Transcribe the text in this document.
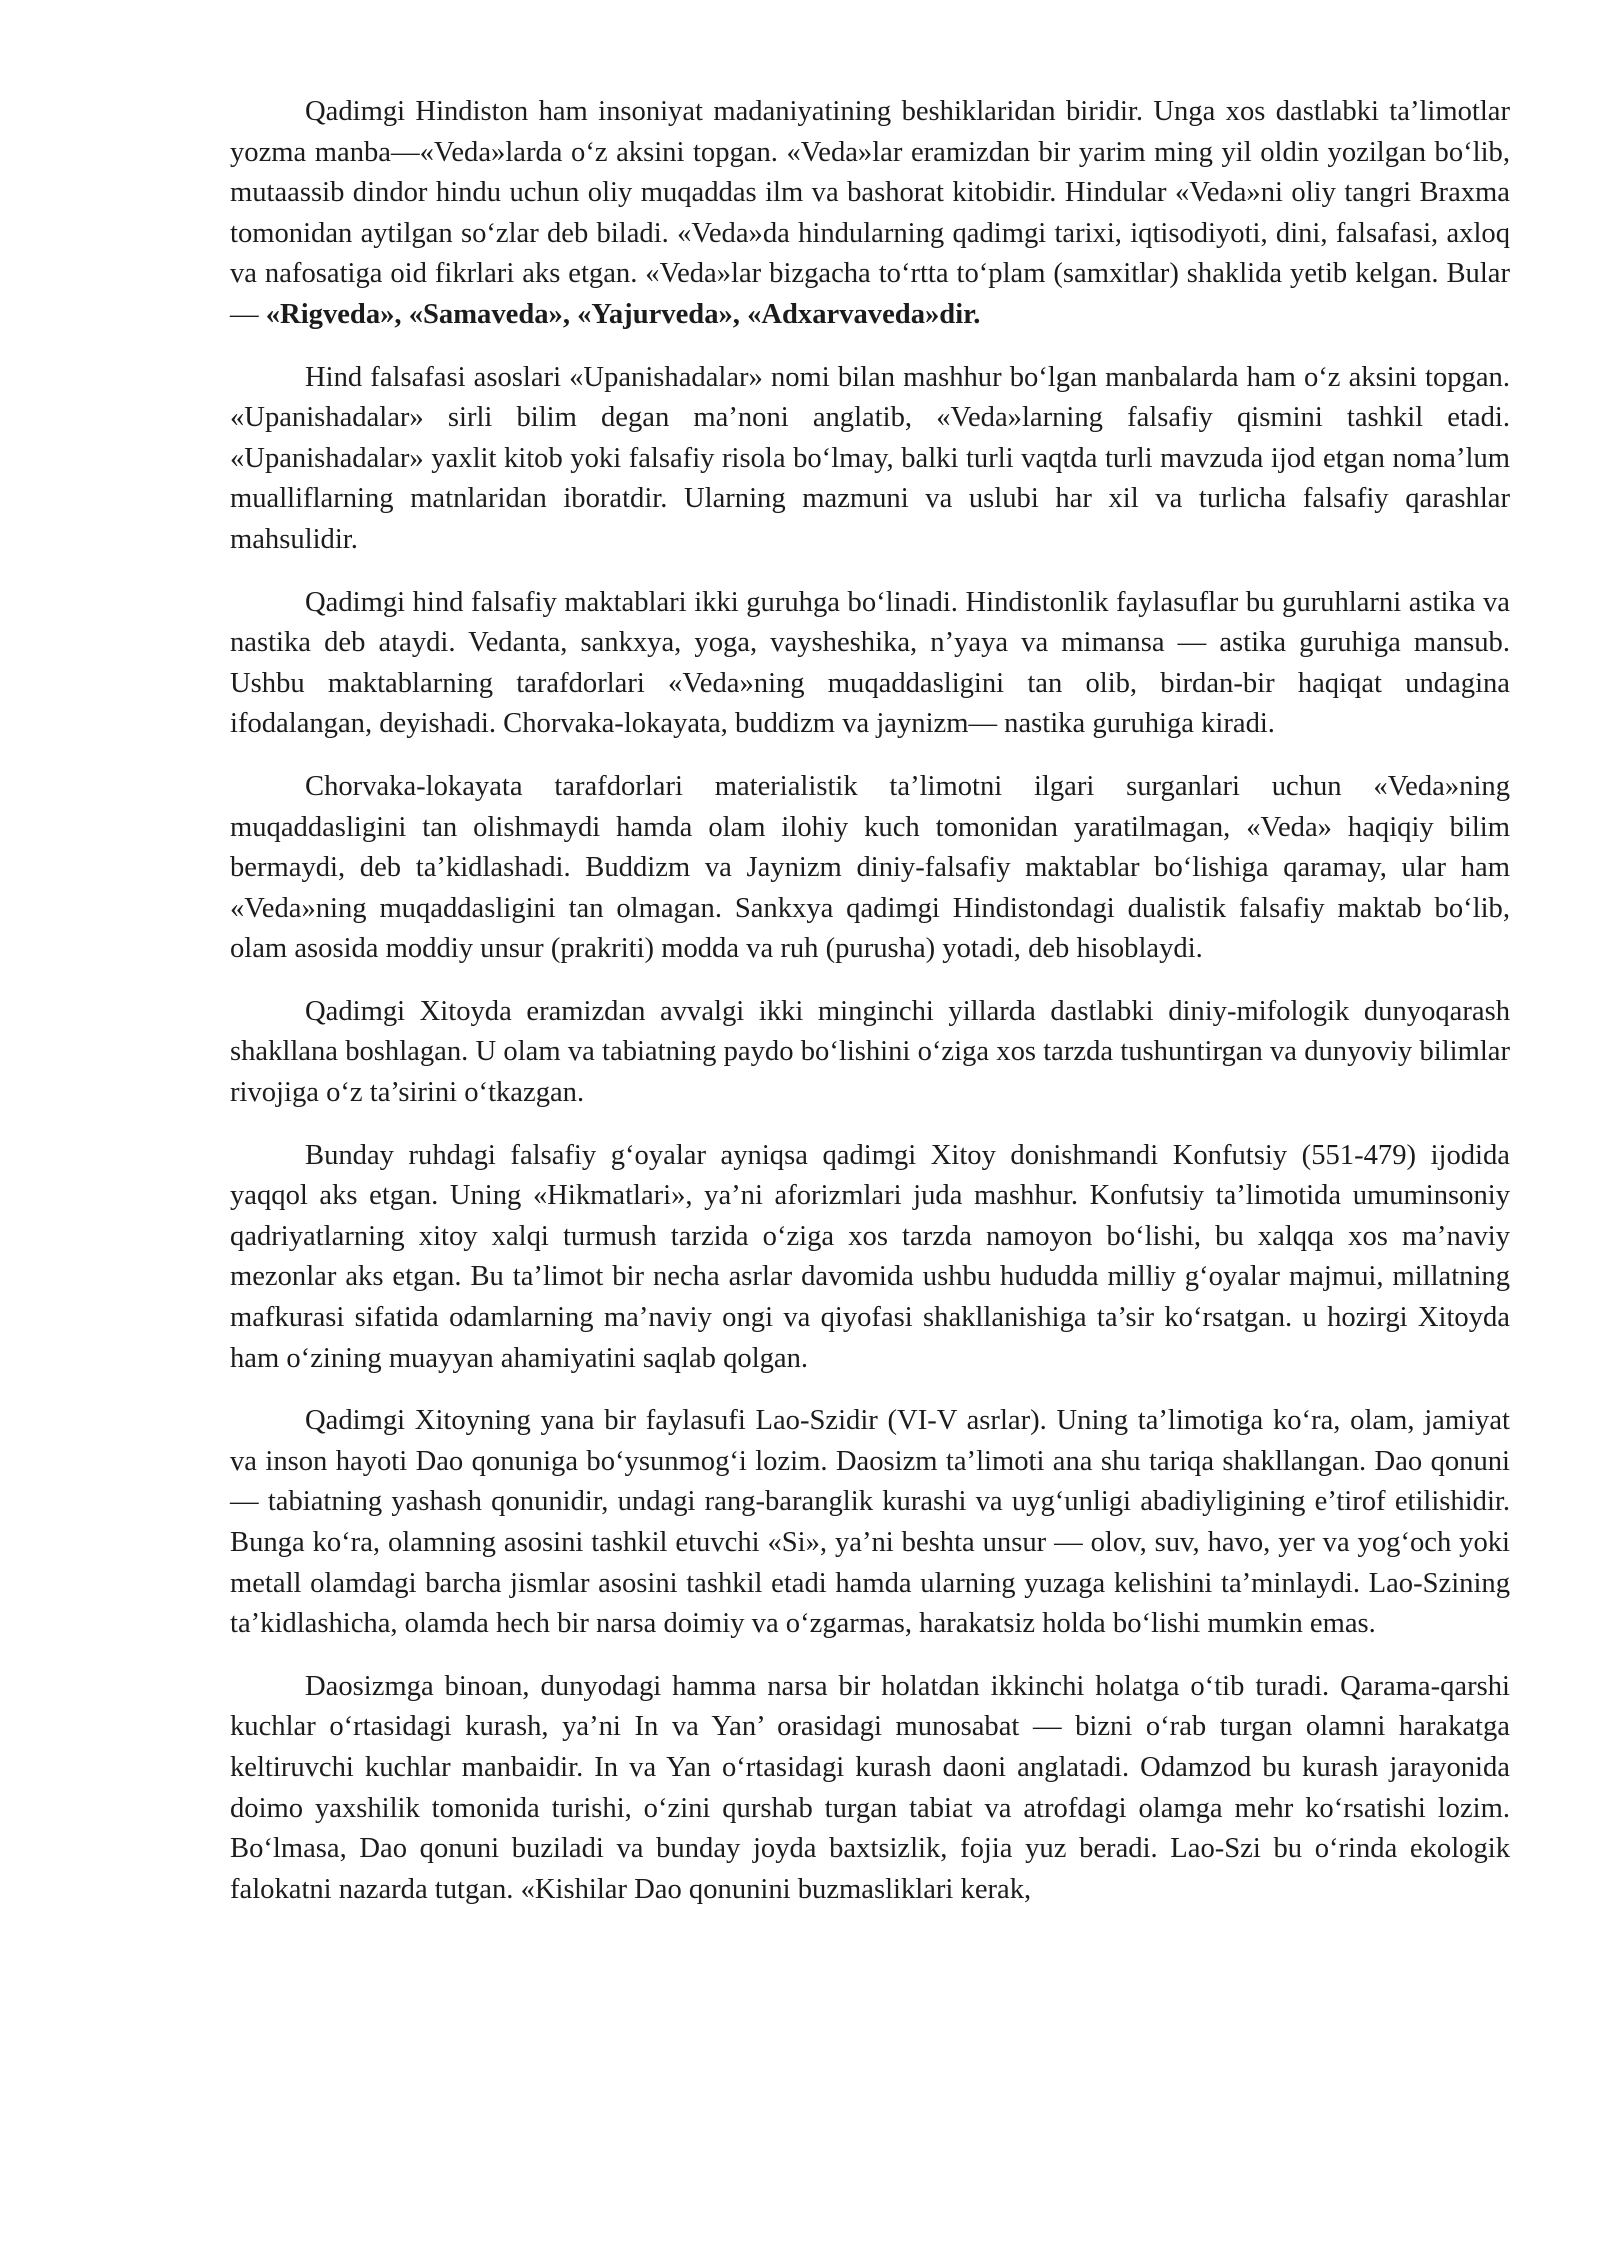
Qadimgi Hindiston ham insoniyat madaniyatining beshiklaridan biridir. Unga xos dastlabki ta’limotlar yozma manba—«Veda»larda o‘z aksini topgan. «Veda»lar eramizdan bir yarim ming yil oldin yozilgan bo‘lib, mutaassib dindor hindu uchun oliy muqaddas ilm va bashorat kitobidir. Hindular «Veda»ni oliy tangri Braxma tomonidan aytilgan so‘zlar deb biladi. «Veda»da hindularning qadimgi tarixi, iqtisodiyoti, dini, falsafasi, axloq va nafosatiga oid fikrlari aks etgan. «Veda»lar bizgacha to‘rtta to‘plam (samxitlar) shaklida yetib kelgan. Bular — «Rigveda», «Samaveda», «Yajurveda», «Adxarvaveda»dir.

Hind falsafasi asoslari «Upanishadalar» nomi bilan mashhur bo‘lgan manbalarda ham o‘z aksini topgan. «Upanishadalar» sirli bilim degan ma’noni anglatib, «Veda»larning falsafiy qismini tashkil etadi. «Upanishadalar» yaxlit kitob yoki falsafiy risola bo‘lmay, balki turli vaqtda turli mavzuda ijod etgan noma’lum mualliflarning matnlaridan iboratdir. Ularning mazmuni va uslubi har xil va turlicha falsafiy qarashlar mahsulidir.

Qadimgi hind falsafiy maktablari ikki guruhga bo‘linadi. Hindistonlik faylasuflar bu guruhlarni astika va nastika deb ataydi. Vedanta, sankxya, yoga, vaysheshika, n’yaya va mimansa — astika guruhiga mansub. Ushbu maktablarning tarafdorlari «Veda»ning muqaddasligini tan olib, birdan-bir haqiqat undagina ifodalangan, deyishadi. Chorvaka-lokayata, buddizm va jaynizm— nastika guruhiga kiradi.

Chorvaka-lokayata tarafdorlari materialistik ta’limotni ilgari surganlari uchun «Veda»ning muqaddasligini tan olishmaydi hamda olam ilohiy kuch tomonidan yaratilmagan, «Veda» haqiqiy bilim bermaydi, deb ta’kidlashadi. Buddizm va Jaynizm diniy-falsafiy maktablar bo‘lishiga qaramay, ular ham «Veda»ning muqaddasligini tan olmagan. Sankxya qadimgi Hindistondagi dualistik falsafiy maktab bo‘lib, olam asosida moddiy unsur (prakriti) modda va ruh (purusha) yotadi, deb hisoblaydi.

Qadimgi Xitoyda eramizdan avvalgi ikki minginchi yillarda dastlabki diniy-mifologik dunyoqarash shakllana boshlagan. U olam va tabiatning paydo bo‘lishini o‘ziga xos tarzda tushuntirgan va dunyoviy bilimlar rivojiga o‘z ta’sirini o‘tkazgan.

Bunday ruhdagi falsafiy g‘oyalar ayniqsa qadimgi Xitoy donishmandi Konfutsiy (551-479) ijodida yaqqol aks etgan. Uning «Hikmatlari», ya’ni aforizmlari juda mashhur. Konfutsiy ta’limotida umuminsoniy qadriyatlarning xitoy xalqi turmush tarzida o‘ziga xos tarzda namoyon bo‘lishi, bu xalqqa xos ma’naviy mezonlar aks etgan. Bu ta’limot bir necha asrlar davomida ushbu hududda milliy g‘oyalar majmui, millatning mafkurasi sifatida odamlarning ma’naviy ongi va qiyofasi shakllanishiga ta’sir ko‘rsatgan. u hozirgi Xitoyda ham o‘zining muayyan ahamiyatini saqlab qolgan.

Qadimgi Xitoyning yana bir faylasufi Lao-Szidir (VI-V asrlar). Uning ta’limotiga ko‘ra, olam, jamiyat va inson hayoti Dao qonuniga bo‘ysunmog‘i lozim. Daosizm ta’limoti ana shu tariqa shakllangan. Dao qonuni — tabiatning yashash qonunidir, undagi rang-baranglik kurashi va uyg‘unligi abadiyligining e’tirof etilishidir. Bunga ko‘ra, olamning asosini tashkil etuvchi «Si», ya’ni beshta unsur — olov, suv, havo, yer va yog‘och yoki metall olamdagi barcha jismlar asosini tashkil etadi hamda ularning yuzaga kelishini ta’minlaydi. Lao-Szining ta’kidlashicha, olamda hech bir narsa doimiy va o‘zgarmas, harakatsiz holda bo‘lishi mumkin emas.

Daosizmga binoan, dunyodagi hamma narsa bir holatdan ikkinchi holatga o‘tib turadi. Qarama-qarshi kuchlar o‘rtasidagi kurash, ya’ni In va Yan’ orasidagi munosabat — bizni o‘rab turgan olamni harakatga keltiruvchi kuchlar manbaidir. In va Yan o‘rtasidagi kurash daoni anglatadi. Odamzod bu kurash jarayonida doimo yaxshilik tomonida turishi, o‘zini qurshab turgan tabiat va atrofdagi olamga mehr ko‘rsatishi lozim. Bo‘lmasa, Dao qonuni buziladi va bunday joyda baxtsizlik, fojia yuz beradi. Lao-Szi bu o‘rinda ekologik falokatni nazarda tutgan. «Kishilar Dao qonunini buzmasliklari kerak,
